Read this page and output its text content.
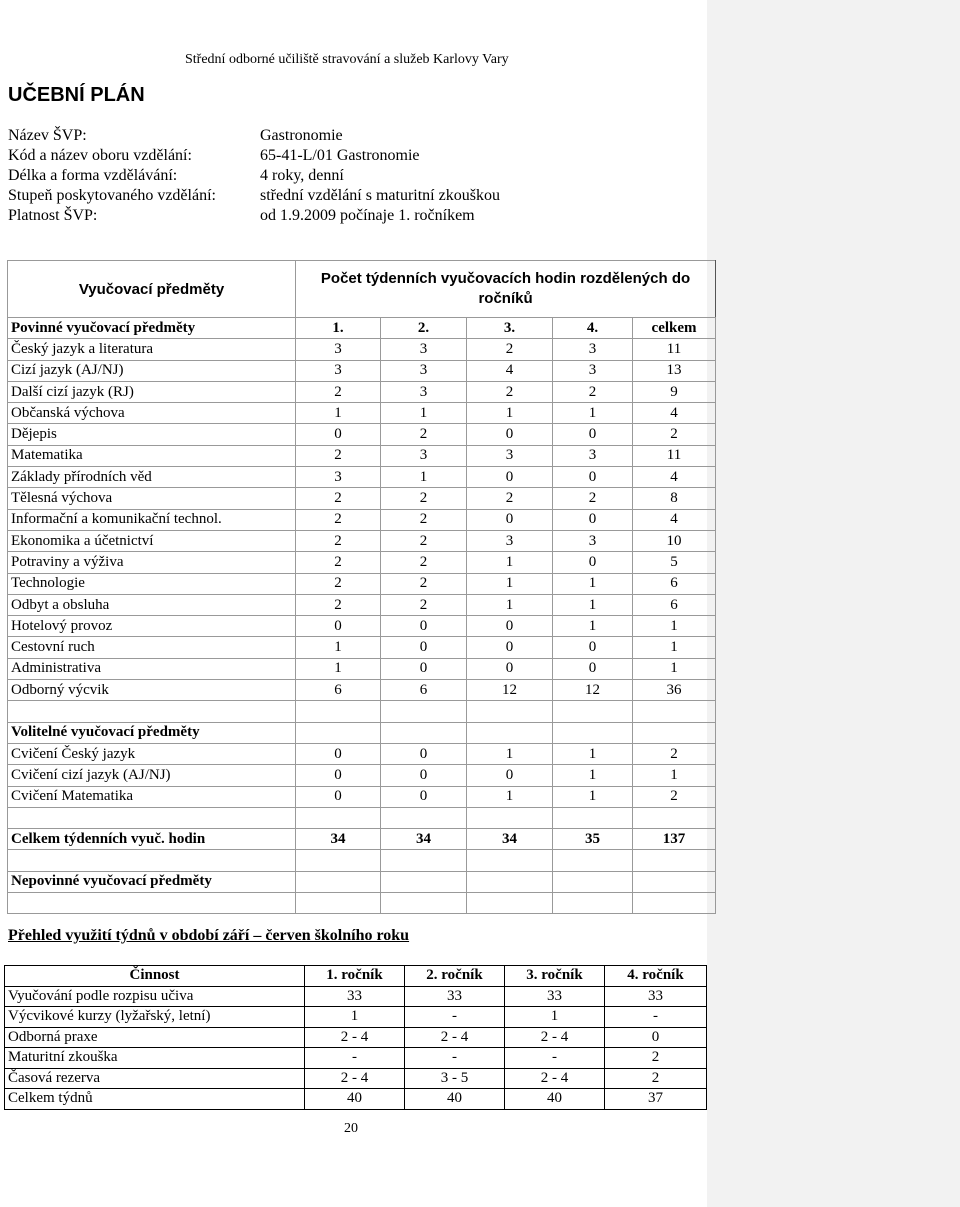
Střední odborné učiliště stravování a služeb Karlovy Vary
UČEBNÍ PLÁN
Název ŠVP:	Gastronomie
Kód a název oboru vzdělání:	65-41-L/01 Gastronomie
Délka a forma vzdělávání:	4 roky, denní
Stupeň poskytovaného vzdělání:	střední vzdělání s maturitní zkouškou
Platnost ŠVP:	od 1.9.2009 počínaje 1. ročníkem
Vyučovací předměty	Počet týdenních vyučovacích hodin rozdělených do ročníků				
Povinné vyučovací předměty	1.	2.	3.	4.	celkem
Český jazyk a literatura	3	3	2	3	11
Cizí jazyk (AJ/NJ)	3	3	4	3	13
Další cizí jazyk (RJ)	2	3	2	2	9
Občanská výchova	1	1	1	1	4
Dějepis	0	2	0	0	2
Matematika	2	3	3	3	11
Základy přírodních věd	3	1	0	0	4
Tělesná výchova	2	2	2	2	8
Informační a komunikační technol.	2	2	0	0	4
Ekonomika a účetnictví	2	2	3	3	10
Potraviny a výživa	2	2	1	0	5
Technologie	2	2	1	1	6
Odbyt a obsluha	2	2	1	1	6
Hotelový provoz	0	0	0	1	1
Cestovní ruch	1	0	0	0	1
Administrativa	1	0	0	0	1
Odborný výcvik	6	6	12	12	36

Volitelné vyučovací předměty					
Cvičení Český jazyk	0	0	1	1	2
Cvičení cizí jazyk (AJ/NJ)	0	0	0	1	1
Cvičení Matematika	0	0	1	1	2

Celkem týdenních vyuč. hodin	34	34	34	35	137

Nepovinné vyučovací předměty					

Přehled využití týdnů v období září – červen školního roku
Činnost	1. ročník	2. ročník	3. ročník	4. ročník
Vyučování podle rozpisu učiva	33	33	33	33
Výcvikové kurzy (lyžařský, letní)	1	-	1	-
Odborná praxe	2 - 4	2 - 4	2 - 4	0
Maturitní zkouška	-	-	-	2
Časová rezerva	2 - 4	3 - 5	2 - 4	2
Celkem týdnů	40	40	40	37
20
